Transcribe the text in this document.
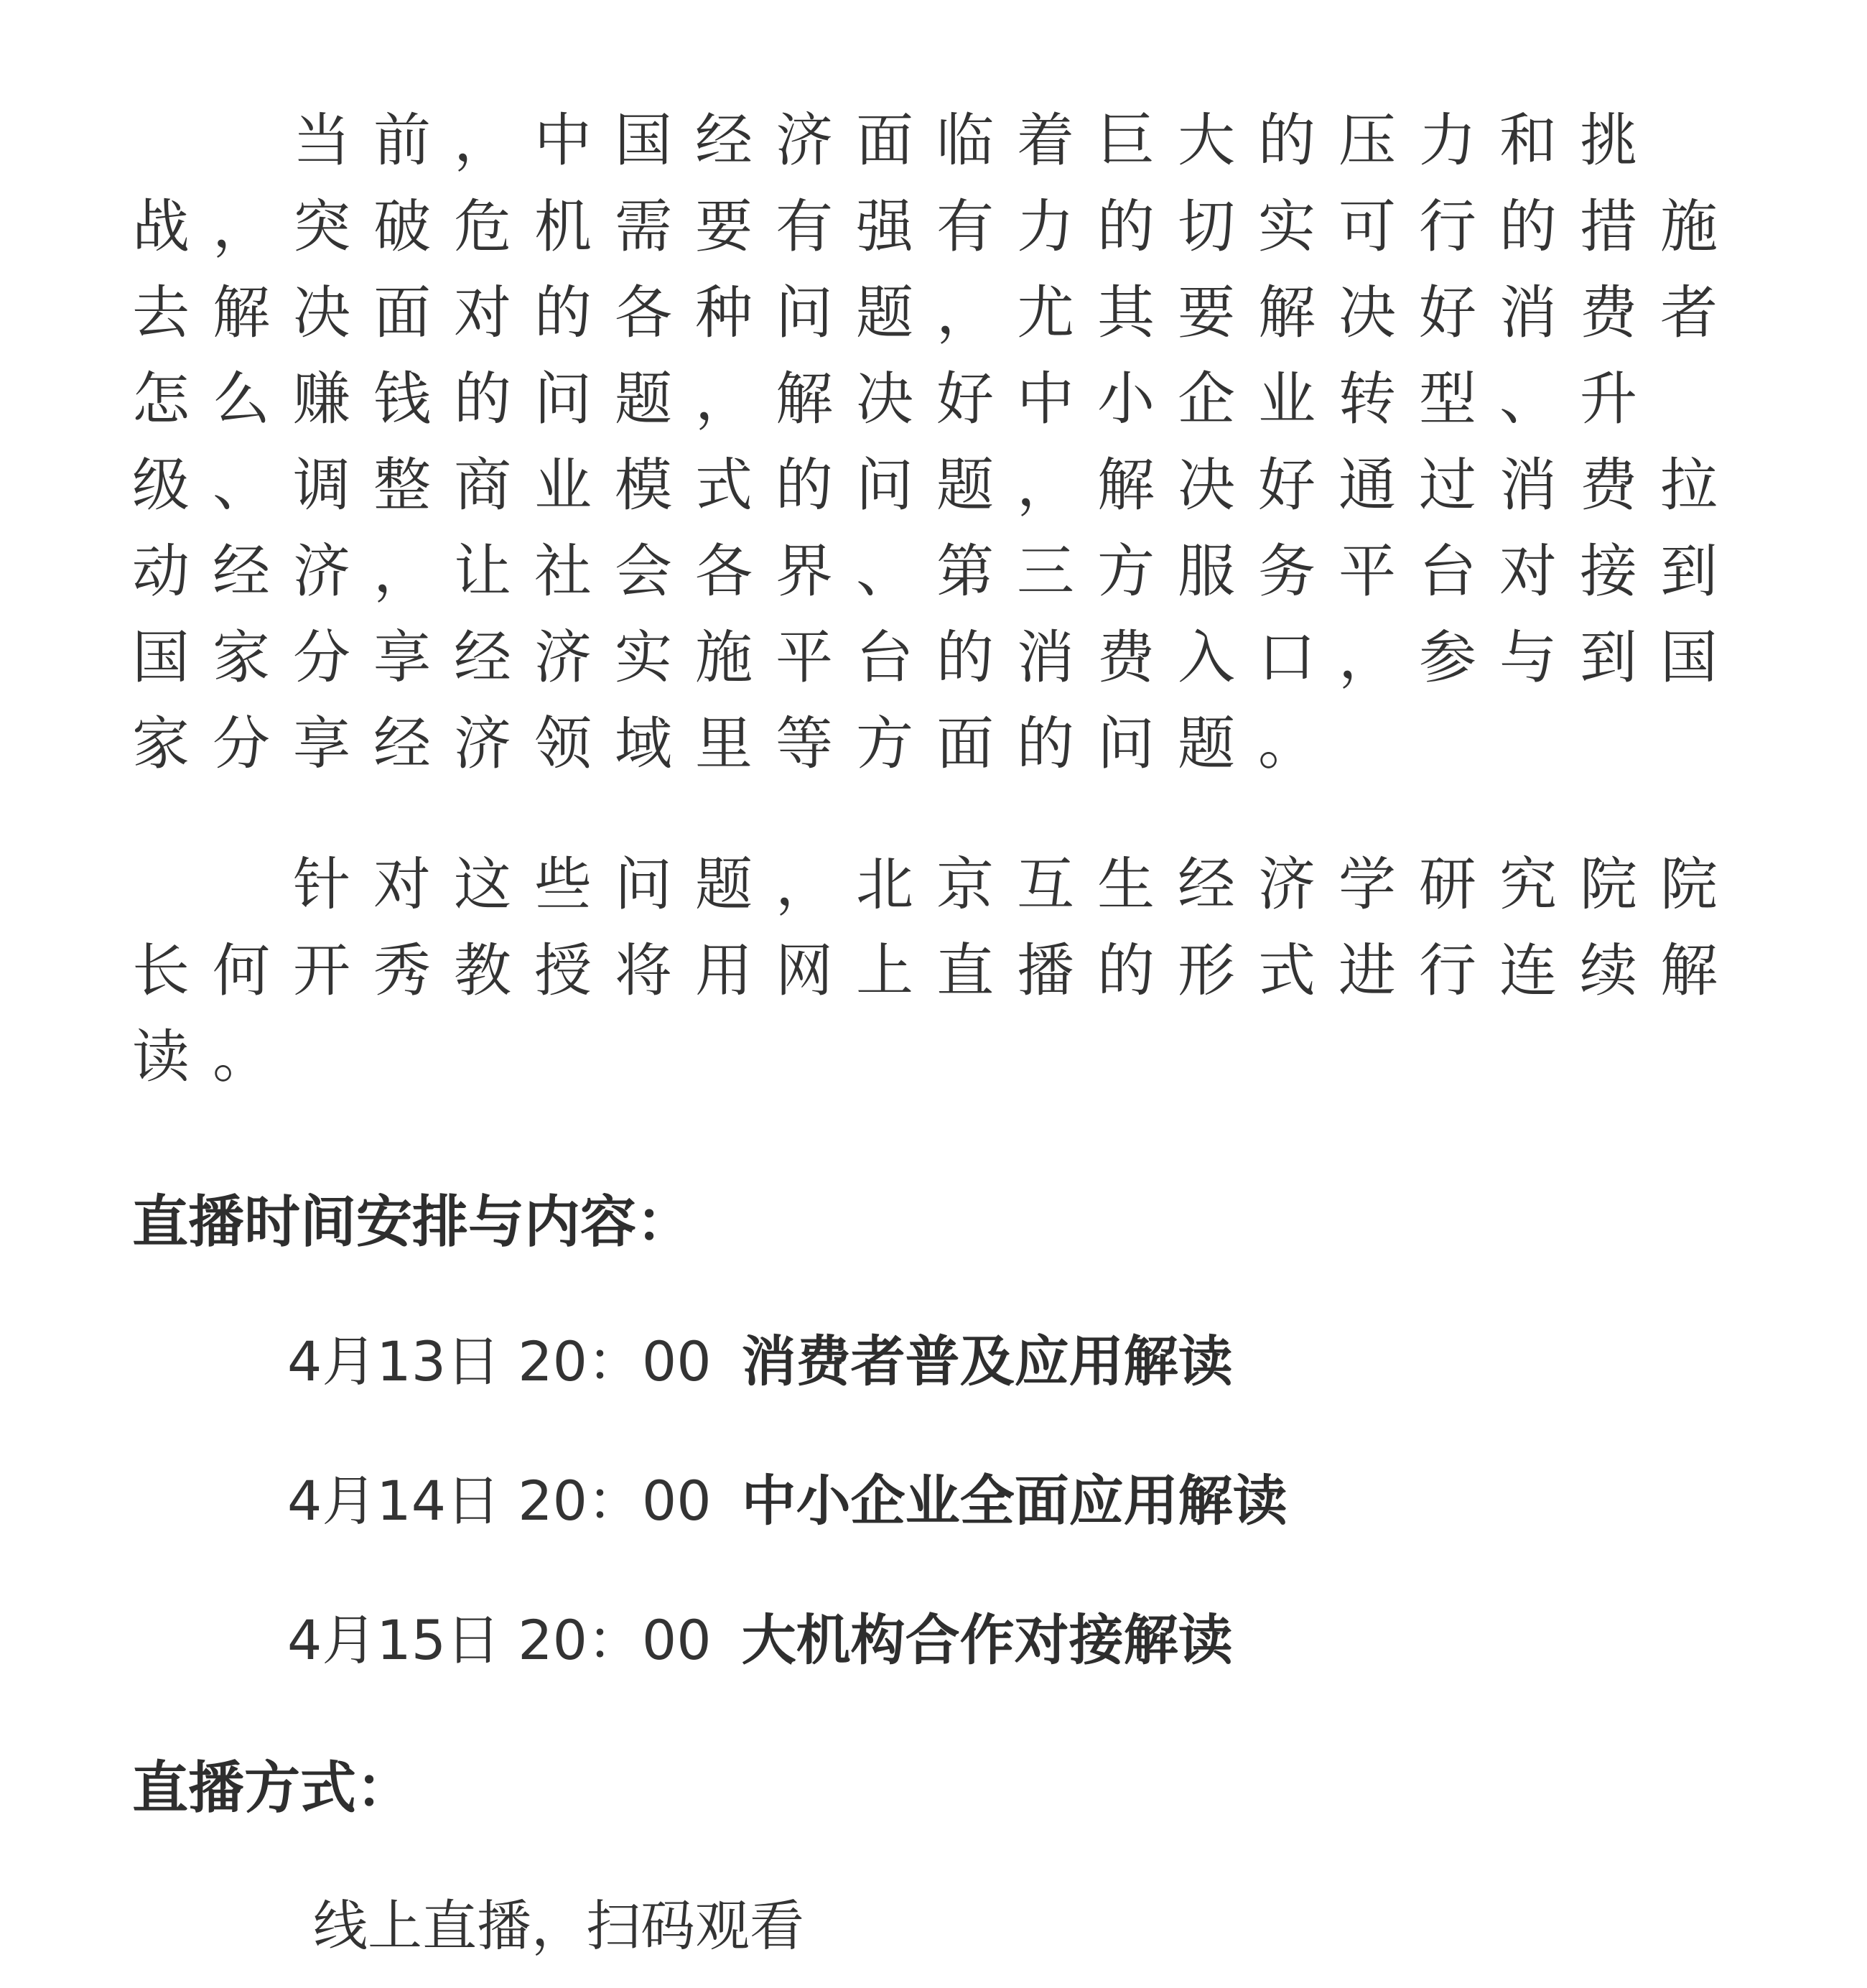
当前，中国经济面临着巨大的压力和挑战，突破危机需要有强有力的切实可行的措施去解决面对的各种问题，尤其要解决好消费者怎么赚钱的问题，解决好中小企业转型、升级、调整商业模式的问题，解决好通过消费拉动经济，让社会各界、第三方服务平台对接到国家分享经济实施平台的消费入口，参与到国家分享经济领域里等方面的问题。

针对这些问题，北京互生经济学研究院院长何开秀教授将用网上直播的形式进行连续解读。

直播时间安排与内容：
4月13日 20：00 消费者普及应用解读
4月14日 20：00 中小企业全面应用解读
4月15日 20：00 大机构合作对接解读
直播方式：
线上直播，扫码观看
